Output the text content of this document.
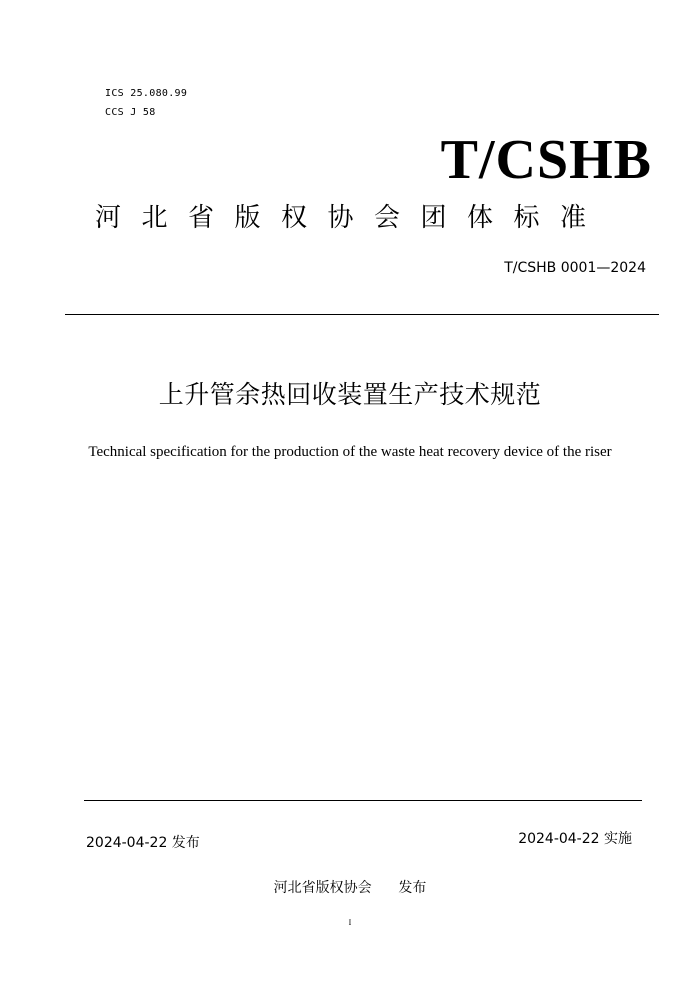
ICS 25.080.99
CCS J 58
T/CSHB
河北省版权协会团体标准
T/CSHB 0001—2024
上升管余热回收装置生产技术规范
Technical specification for the production of the waste heat recovery device of the riser
2024-04-22 发布	2024-04-22 实施
河北省版权协会      发布
I
